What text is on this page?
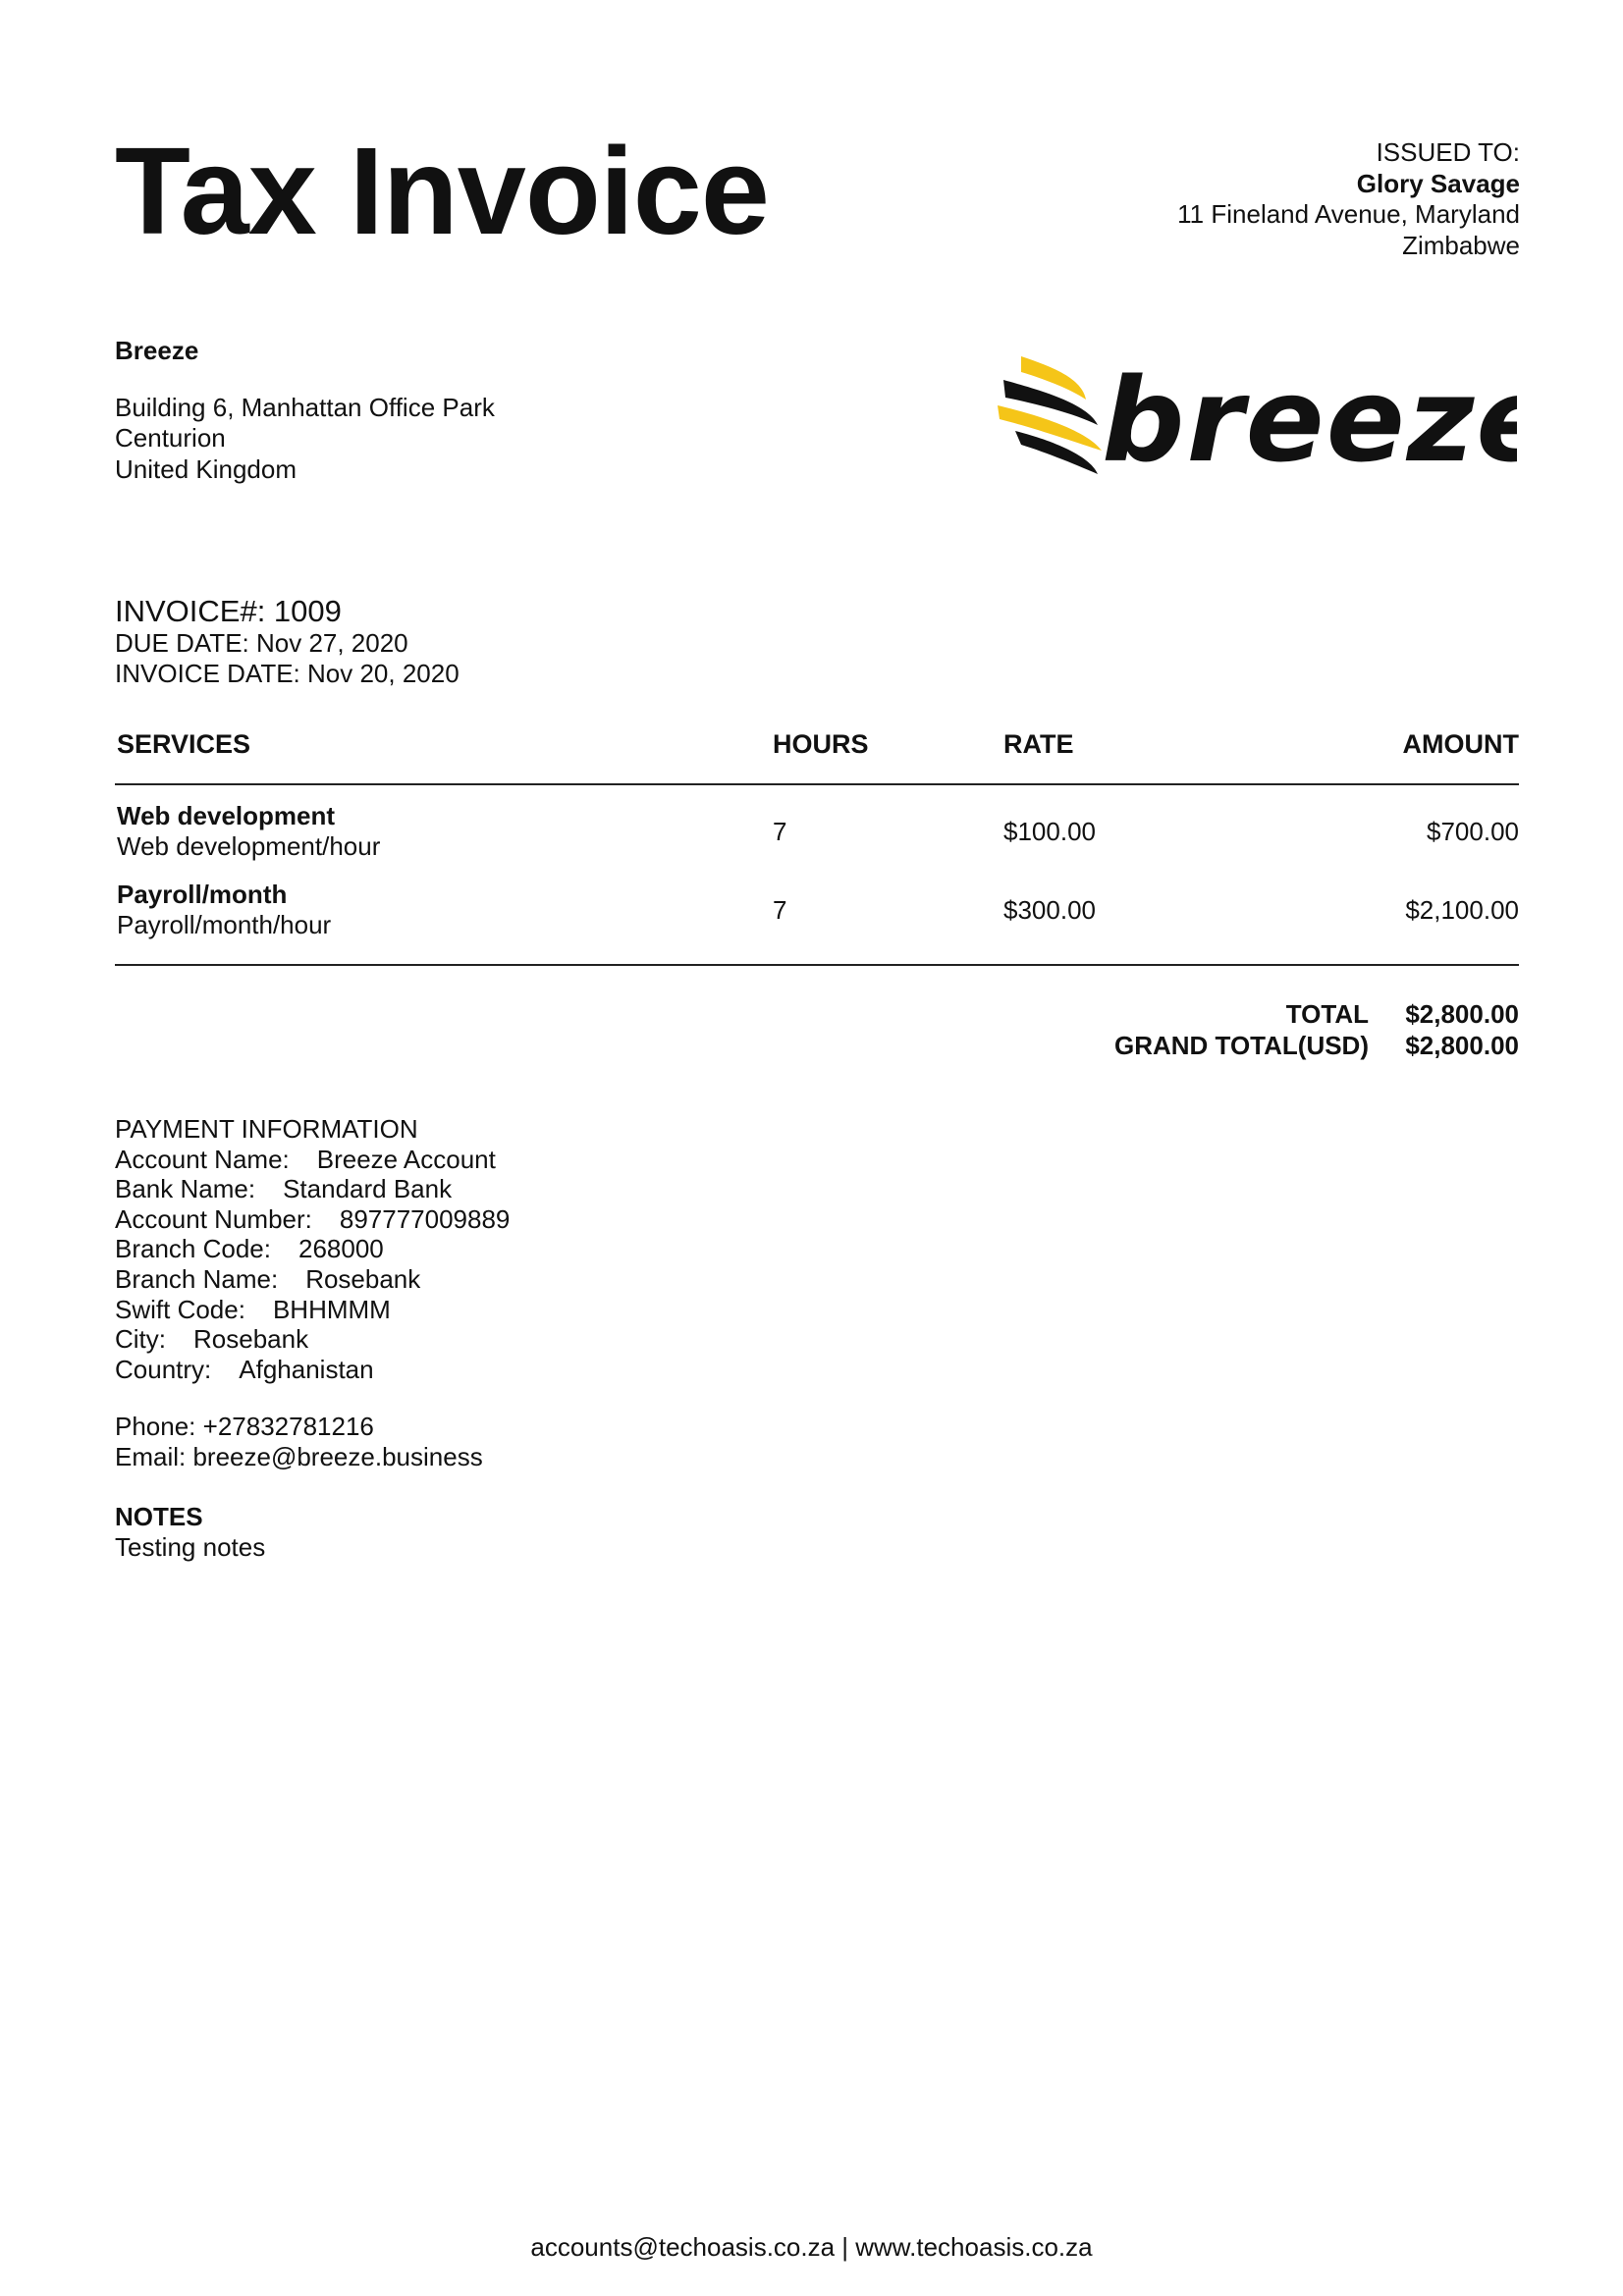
Tax Invoice	ISSUED TO:
Glory Savage
11 Fineland Avenue, Maryland
Zimbabwe
Breeze
Building 6, Manhattan Office Park
Centurion
United Kingdom	breeze
INVOICE#: 1009
DUE DATE: Nov 27, 2020
INVOICE DATE: Nov 20, 2020
SERVICES	HOURS	RATE	AMOUNT
Web development
Web development/hour	7	$100.00	$700.00
Payroll/month
Payroll/month/hour	7	$300.00	$2,100.00
TOTAL	$2,800.00
GRAND TOTAL(USD)	$2,800.00
PAYMENT INFORMATION
Account Name: Breeze Account
Bank Name: Standard Bank
Account Number: 897777009889
Branch Code: 268000
Branch Name: Rosebank
Swift Code: BHHMMM
City: Rosebank
Country: Afghanistan
Phone: +27832781216
Email: breeze@breeze.business
NOTES
Testing notes
accounts@techoasis.co.za | www.techoasis.co.za
